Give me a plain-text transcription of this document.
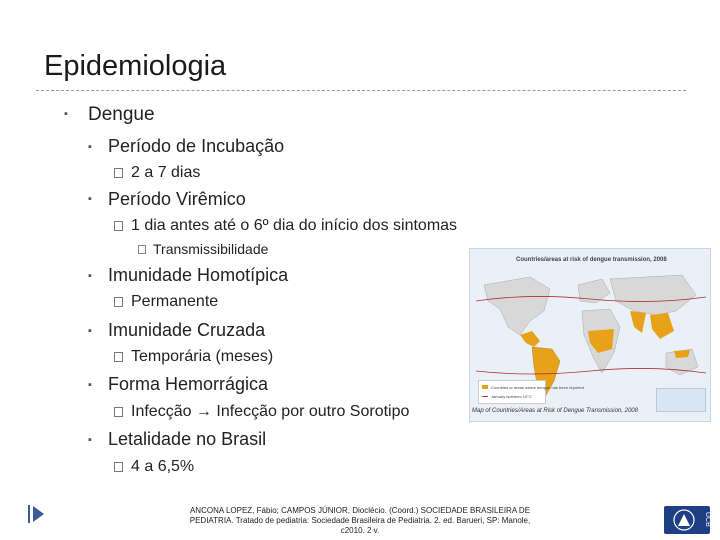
Epidemiologia
▪ Dengue
▪ Período de Incubação
2 a 7 dias
▪ Período Virêmico
1 dia antes até o 6º dia do início dos sintomas
Transmissibilidade
▪ Imunidade Homotípica
Permanente
▪ Imunidade Cruzada
Temporária (meses)
▪ Forma Hemorrágica
Infecção → Infecção por outro Sorotipo
▪ Letalidade no Brasil
4 a 6,5%
Countries/areas at risk of dengue transmission, 2008
Countries or areas where dengue has been reported
January isotherm 10°C
Map of Countries/Areas at Risk of Dengue Transmission, 2008
ANCONA LOPEZ, Fábio; CAMPOS JÚNIOR, Dioclécio. (Coord.) SOCIEDADE BRASILEIRA DE PEDIATRIA. Tratado de pediatria: Sociedade Brasileira de Pediatria. 2. ed. Barueri, SP: Manole, c2010. 2 v.
UCB
